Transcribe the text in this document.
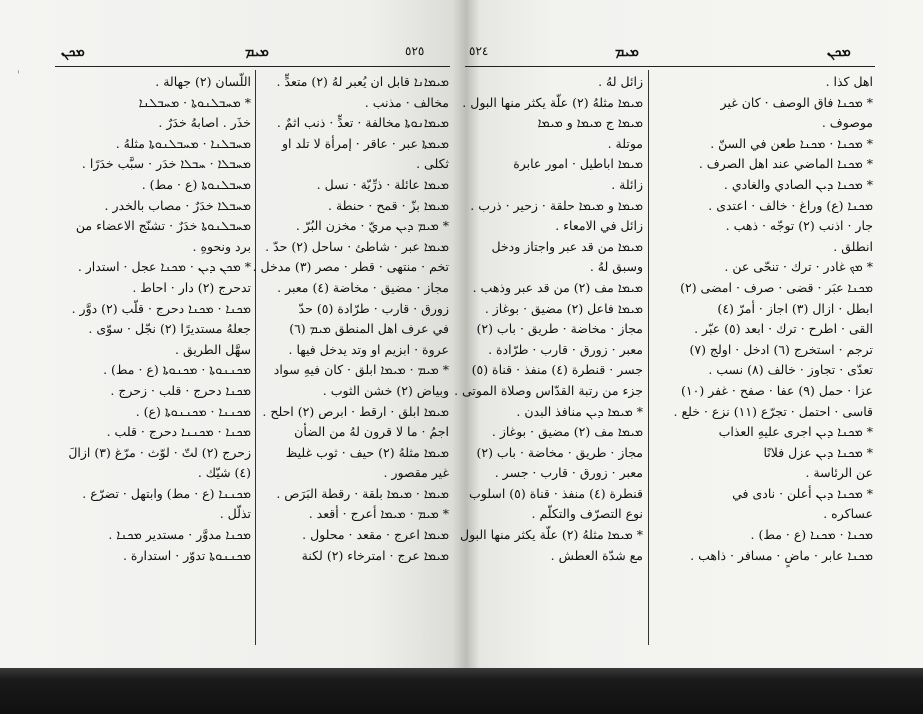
'
ܡܟܢ	ܡܝܡ	٥٢٥
اللّسان (٢) جهالة .
* ܡܚܒܠܢܘܬܐ · ܡܚܒܠܢܐ
خذَر . اصابهُ خدَرٌ .
ܡܚܒܠܢܐ · ܡܚܒܠܢܘܬܐ مثلهُ .
ܡܚܒܠܐ · ܚܒܠܐ خدَر · سبَّب خدَرًا .
ܡܚܒܠܢܘܬܐ (ع · مط) .
ܡܚܒܠܐ خدَرٌ · مصاب بالخدر .
ܡܚܒܠܢܘܬܐ خدَرٌ · تشنّج الاعضاء من
برد ونحوهِ .
* ܡܟܢ ܕܝܢ · ܡܟܢܐ عجل · استدار .
تدحرج (٢) دار · احاط .
ܡܟܢܐ · ܡܟܢܐ دحرج · قلّب (٢) دوَّر .
جعلهُ مستديرًا (٢) نجّل · سوّى .
سهَّل الطريق .
ܡܟܢܢܘܬܐ · ܡܟܢܘܬܐ (ع · مط) .
ܡܟܢܐ دحرج · قلب · زحرج .
ܡܟܢܢܐ · ܡܟܢܢܘܬܐ (ع) .
ܡܟܢܐ · ܡܟܢܢܐ دحرج · قلب .
زحرج (٢) لتّ · لوّث · مرّغ (٣) ازالَ
(٤) شيّك .
ܡܟܢܢܐ (ع · مط) وابتهل · تضرّع .
تذلّل .
ܡܟܢܐ مدوَّر · مستدير ܡܟܢܐ .
ܡܟܢܢܘܬܐ تدوّر · استدارة .
ܡܝܡܐܢܐ قابل ان يُعبر لهُ (٢) متعدٍّ .
مخالف · مذنب .
ܡܝܡܐܢܘܬܐ مخالفة · تعدٍّ · ذنب اثمٌ .
ܡܝܡܬܐ عبر · عاقر · إمرأة لا تلد او
ثكلى .
ܡܝܡܐ عائلة · ذرِّيّة · نسل .
ܡܝܡܐ بزّ · قمح · حنطة .
* ܡܝܡ ܕܝܢ مريّ · مخزن البُرّ .
ܡܝܡܐ عبر · شاطئ · ساحل (٢) حدّ .
تخم · منتهى · قطر · مصر (٣) مدخل .
مجاز · مضيق · مخاضة (٤) معبر .
زورق · قارب · طرّادة (٥) حدّ
في عرف اهل المنطق ܡܝܡ (٦)
عروة · ابزيم او وتد يدخل فيها .
* ܡܝܡ · ܡܝܡܐ ابلق · كان فيهِ سواد
وبياض (٢) خشن الثوب .
ܡܝܡܐ ابلق · ارقط · ابرص (٢) احلح .
اجمُ · ما لا قرون لهُ من الضأن
ܡܝܡܐ مثلهُ (٢) حيف · ثوب غليظ
غير مقصور .
ܡܝܡܐ · ܡܝܡܐ بلقة · رقطة البَرَص .
* ܡܝܡ · ܡܝܡܐ أعرج · أقعد .
ܡܝܡܐ اعرج · مقعد · محلول .
ܡܝܡܐ عرج · امترخاء (٢) لكنة
٥٢٤	ܡܝܡ	ܡܟܢ
زائل لهُ .
ܡܝܡܐ مثلهُ (٢) علّة يكثر منها البول .
ܡܝܡܐ ج ܡܝܡܐ و ܡܝܡܐ
موتلة .
ܡܝܡܐ اباطيل · امور عابرة
زائلة .
ܡܝܡܐ و ܡܝܡܐ حلقة · زحير · ذرب .
زائل في الامعاء .
ܡܝܡܐ من قد عبر واجتاز ودخل
وسبق لهُ .
ܡܝܡܐ مف (٢) من قد عبر وذهب .
ܡܝܡܐ فاعل (٢) مضيق · بوغاز .
مجاز · مخاضة · طريق · باب (٢)
معبر · زورق · قارب · طرّادة .
جسر · قنطرة (٤) منفذ · قناة (٥)
جزء من رتبة القدّاس وصلاة الموتى .
* ܡܝܡܐ ܕܝܢ منافذ البدن .
ܡܝܡܐ مف (٢) مضيق · بوغاز .
مجاز · طريق · مخاضة · باب (٢)
معبر · زورق · قارب · جسر .
قنطرة (٤) منفذ · قناة (٥) اسلوب
نوع التصرّف والتكلّم .
* ܡܝܡܐ مثلهُ (٢) علّة يكثر منها البول
مع شدّة العطش .
اهل كذا .
* ܡܟܢܐ فاق الوصف · كان غير
موصوف .
* ܡܟܢܐ · ܡܟܢܐ طعن في السنّ .
* ܡܟܢܐ الماضي عند اهل الصرف .
* ܡܟܢܐ ܕܝܢ الصادي والغادي .
ܡܟܢܐ (ع) وراغ · خالف · اعتدى .
جار · اذنب (٢) توجّه · ذهب .
انطلق .
* ܡܟ غادر · ترك · تنحّى عن .
ܡܟܢܐ عبَر · قضى · صرف · امضى (٢)
ابطل · ازال (٣) اجاز · أمرّ (٤)
القى · اطرح · ترك · ابعد (٥) عبّر .
ترجم · استخرج (٦) ادخل · اولج (٧)
تعدّى · تجاوز · خالف (٨) نسب .
عزا · حمل (٩) عفا · صفح · غفر (١٠)
قاسى · احتمل · تجرّع (١١) نزع · خلع .
* ܡܟܢܐ ܕܝܢ اجرى عليهِ العذاب
* ܡܟܢܐ ܕܝܢ عزل فلانًا
عن الرئاسة .
* ܡܟܢܐ ܕܝܢ أعلن · نادى في
عساكره .
ܡܟܢܐ · ܡܟܢܐ (ع · مط) .
ܡܟܢܐ عابر · ماضٍ · مسافر · ذاهب .
